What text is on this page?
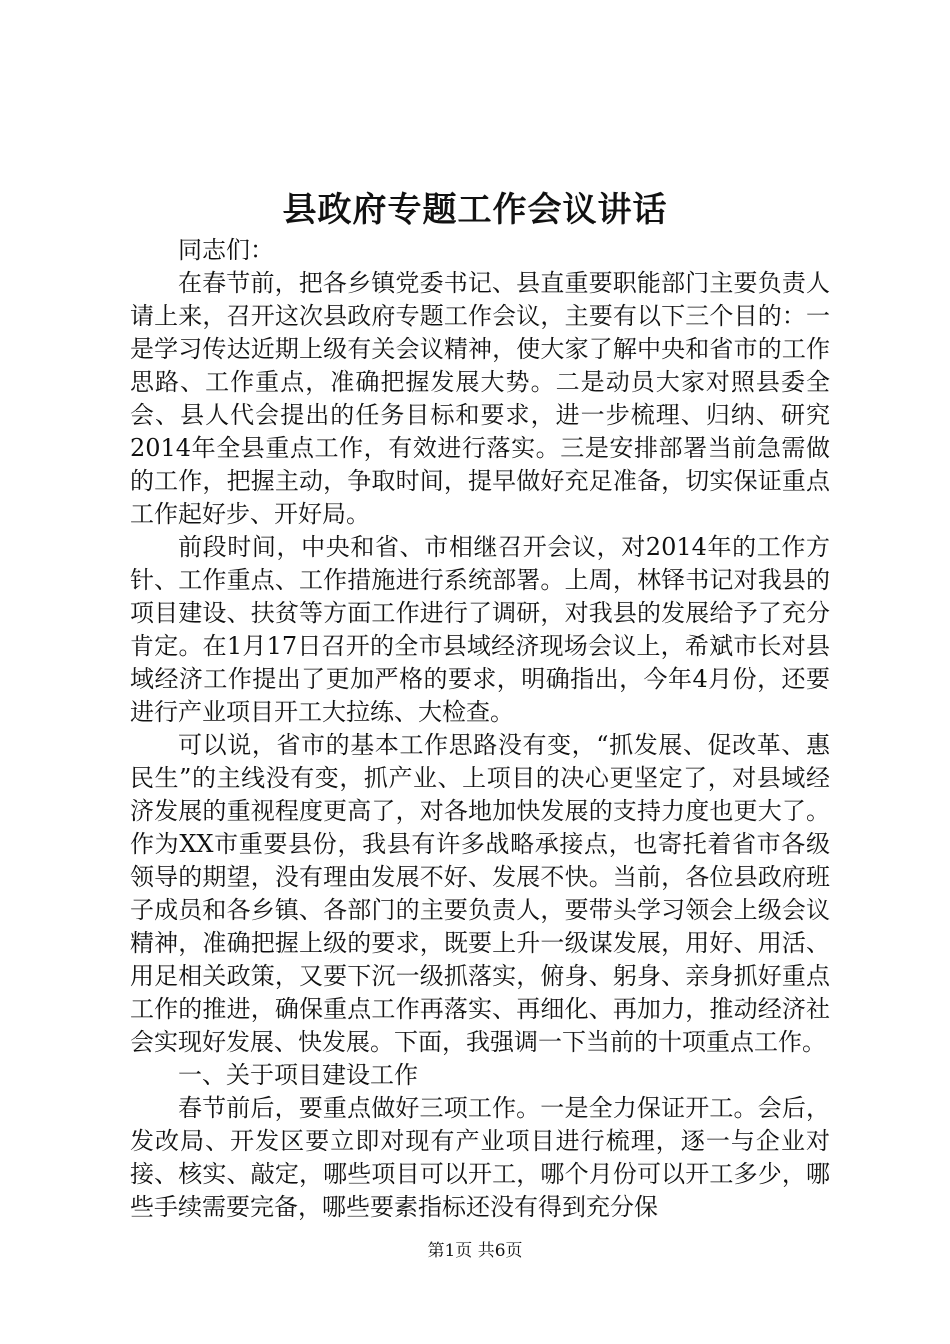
县政府专题工作会议讲话

同志们：

在春节前，把各乡镇党委书记、县直重要职能部门主要负责人请上来，召开这次县政府专题工作会议，主要有以下三个目的：一是学习传达近期上级有关会议精神，使大家了解中央和省市的工作思路、工作重点，准确把握发展大势。二是动员大家对照县委全会、县人代会提出的任务目标和要求，进一步梳理、归纳、研究2014年全县重点工作，有效进行落实。三是安排部署当前急需做的工作，把握主动，争取时间，提早做好充足准备，切实保证重点工作起好步、开好局。

前段时间，中央和省、市相继召开会议，对2014年的工作方针、工作重点、工作措施进行系统部署。上周，林铎书记对我县的项目建设、扶贫等方面工作进行了调研，对我县的发展给予了充分肯定。在1月17日召开的全市县域经济现场会议上，希斌市长对县域经济工作提出了更加严格的要求，明确指出，今年4月份，还要进行产业项目开工大拉练、大检查。

可以说，省市的基本工作思路没有变，“抓发展、促改革、惠民生”的主线没有变，抓产业、上项目的决心更坚定了，对县域经济发展的重视程度更高了，对各地加快发展的支持力度也更大了。作为XX市重要县份，我县有许多战略承接点，也寄托着省市各级领导的期望，没有理由发展不好、发展不快。当前，各位县政府班子成员和各乡镇、各部门的主要负责人，要带头学习领会上级会议精神，准确把握上级的要求，既要上升一级谋发展，用好、用活、用足相关政策，又要下沉一级抓落实，俯身、躬身、亲身抓好重点工作的推进，确保重点工作再落实、再细化、再加力，推动经济社会实现好发展、快发展。下面，我强调一下当前的十项重点工作。

一、关于项目建设工作

春节前后，要重点做好三项工作。一是全力保证开工。会后，发改局、开发区要立即对现有产业项目进行梳理，逐一与企业对接、核实、敲定，哪些项目可以开工，哪个月份可以开工多少，哪些手续需要完备，哪些要素指标还没有得到充分保

第1页 共6页
